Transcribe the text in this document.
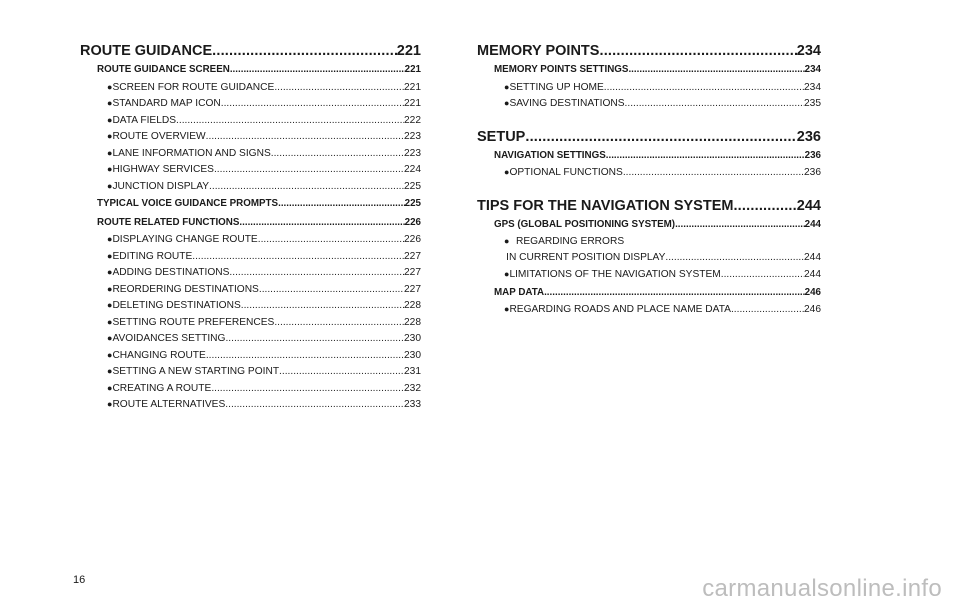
ROUTE GUIDANCE .....	221
ROUTE GUIDANCE SCREEN .....	221
● SCREEN FOR ROUTE GUIDANCE .....	221
● STANDARD MAP ICON .....	221
● DATA FIELDS .....	222
● ROUTE OVERVIEW .....	223
● LANE INFORMATION AND SIGNS .....	223
● HIGHWAY SERVICES .....	224
● JUNCTION DISPLAY .....	225
TYPICAL VOICE GUIDANCE PROMPTS .....	225
ROUTE RELATED FUNCTIONS .....	226
● DISPLAYING CHANGE ROUTE .....	226
● EDITING ROUTE .....	227
● ADDING DESTINATIONS .....	227
● REORDERING DESTINATIONS .....	227
● DELETING DESTINATIONS .....	228
● SETTING ROUTE PREFERENCES .....	228
● AVOIDANCES SETTING .....	230
● CHANGING ROUTE .....	230
● SETTING A NEW STARTING POINT .....	231
● CREATING A ROUTE .....	232
● ROUTE ALTERNATIVES .....	233
MEMORY POINTS .....	234
MEMORY POINTS SETTINGS .....	234
● SETTING UP HOME .....	234
● SAVING DESTINATIONS .....	235
SETUP .....	236
NAVIGATION SETTINGS .....	236
● OPTIONAL FUNCTIONS .....	236
TIPS FOR THE NAVIGATION SYSTEM .....	244
GPS (GLOBAL POSITIONING SYSTEM) .....	244
● REGARDING ERRORS
IN CURRENT POSITION DISPLAY .....	244
● LIMITATIONS OF THE NAVIGATION SYSTEM .....	244
MAP DATA .....	246
● REGARDING ROADS AND PLACE NAME DATA .....	246
16	carmanualsonline.info
